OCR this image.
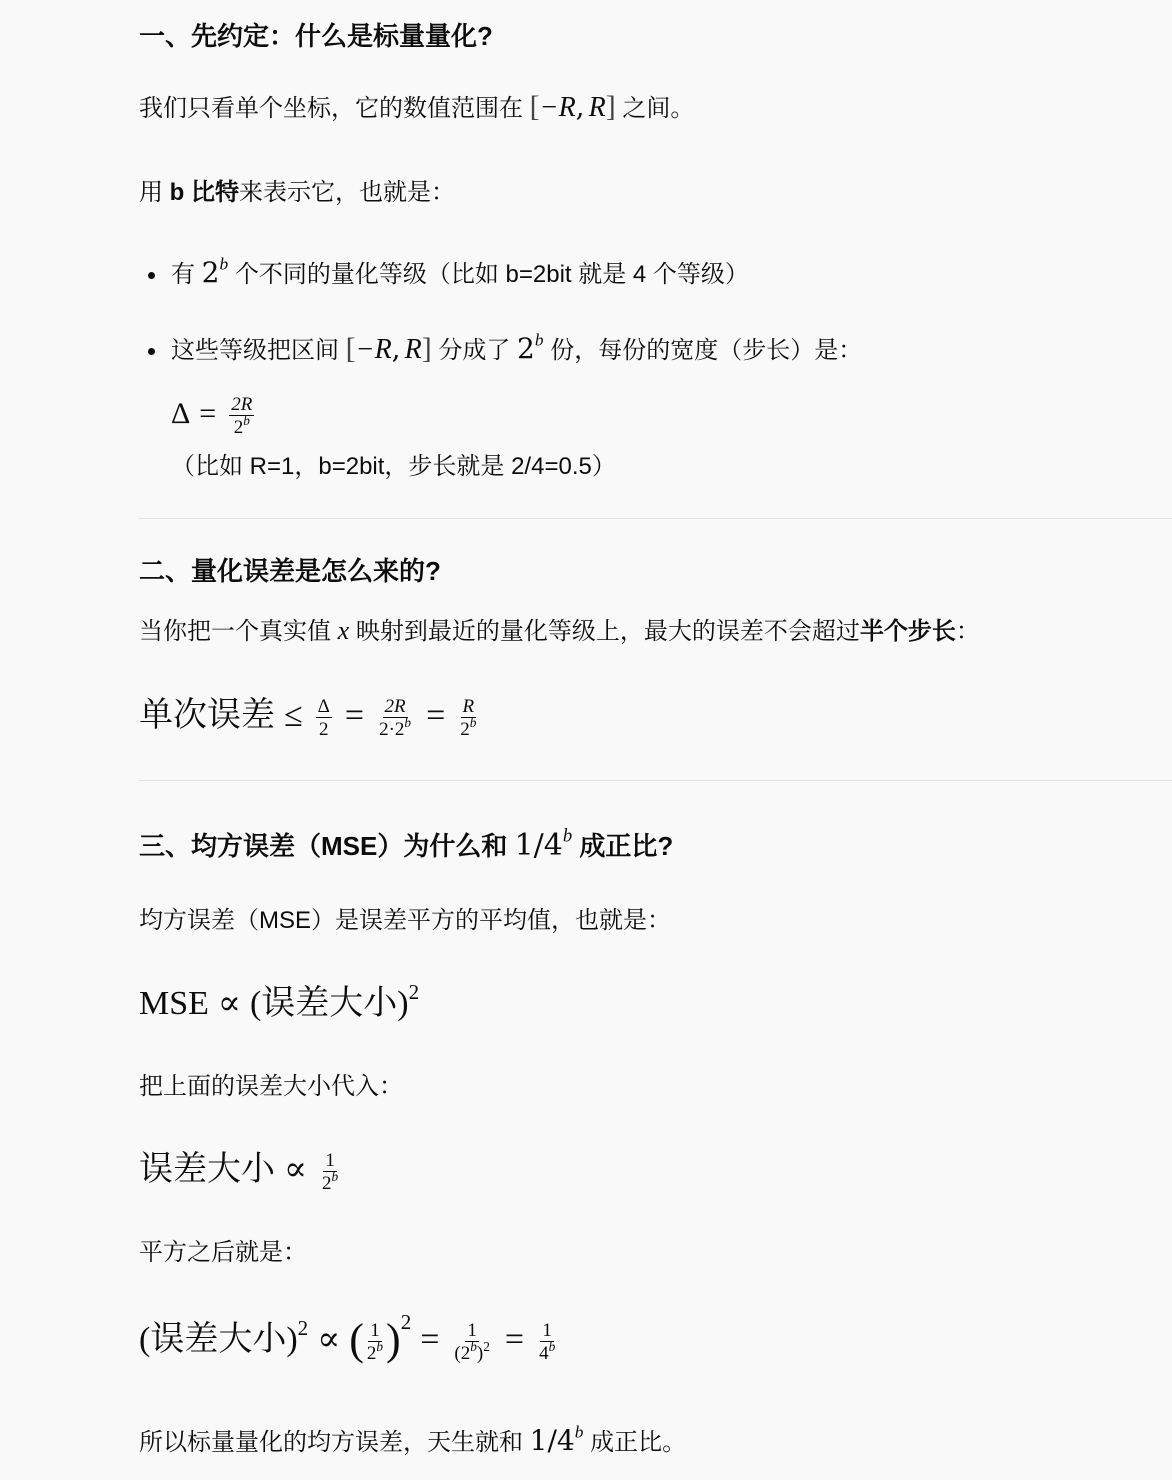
一、先约定：什么是标量量化?
我们只看单个坐标，它的数值范围在 [−R, R] 之间。
用 b 比特来表示它，也就是：
有 2$^b$ 个不同的量化等级（比如 b=2bit 就是 4 个等级）
这些等级把区间 [−R, R] 分成了 2$^b$ 份，每份的宽度（步长）是：
$\Delta = \frac{2R}{2^b}$
（比如 R=1，b=2bit，步长就是 2/4=0.5）
二、量化误差是怎么来的?
当你把一个真实值 x 映射到最近的量化等级上，最大的误差不会超过半个步长：
单次误差 ≤ $\frac{\Delta}{2} = \frac{2R}{2\cdot 2^b} = \frac{R}{2^b}$
三、均方误差（MSE）为什么和 1/4$^b$ 成正比?
均方误差（MSE）是误差平方的平均值，也就是：
MSE ∝ (误差大小)$^2$
把上面的误差大小代入：
误差大小 ∝ $\frac{1}{2^b}$
平方之后就是：
(误差大小)$^2$ ∝ ( $\frac{1}{2^b} )^2 = \frac{1}{(2^b)^2} = \frac{1}{4^b}$
所以标量量化的均方误差，天生就和 1/4$^b$ 成正比。
